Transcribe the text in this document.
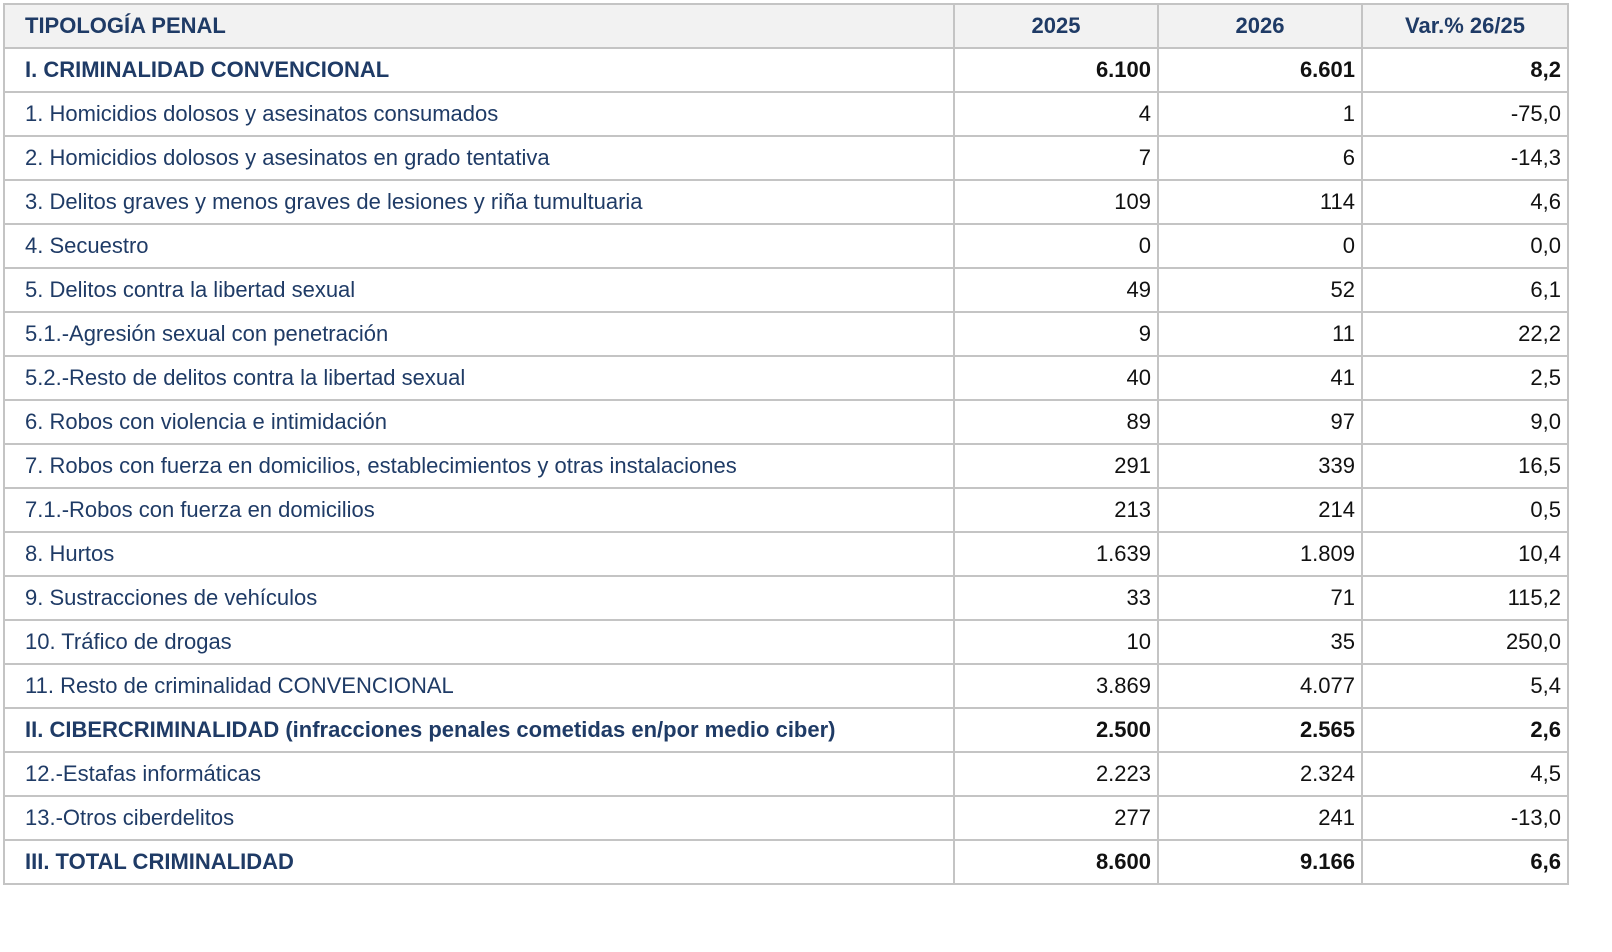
TIPOLOGÍA PENAL	2025	2026	Var.% 26/25
I. CRIMINALIDAD CONVENCIONAL	6.100	6.601	8,2
1. Homicidios dolosos y asesinatos consumados	4	1	-75,0
2. Homicidios dolosos y asesinatos en grado tentativa	7	6	-14,3
3. Delitos graves y menos graves de lesiones y riña tumultuaria	109	114	4,6
4. Secuestro	0	0	0,0
5. Delitos contra la libertad sexual	49	52	6,1
5.1.-Agresión sexual con penetración	9	11	22,2
5.2.-Resto de delitos contra la libertad sexual	40	41	2,5
6. Robos con violencia e intimidación	89	97	9,0
7. Robos con fuerza en domicilios, establecimientos y otras instalaciones	291	339	16,5
7.1.-Robos con fuerza en domicilios	213	214	0,5
8. Hurtos	1.639	1.809	10,4
9. Sustracciones de vehículos	33	71	115,2
10. Tráfico de drogas	10	35	250,0
11. Resto de criminalidad CONVENCIONAL	3.869	4.077	5,4
II. CIBERCRIMINALIDAD (infracciones penales cometidas en/por medio ciber)	2.500	2.565	2,6
12.-Estafas informáticas	2.223	2.324	4,5
13.-Otros ciberdelitos	277	241	-13,0
III. TOTAL CRIMINALIDAD	8.600	9.166	6,6
